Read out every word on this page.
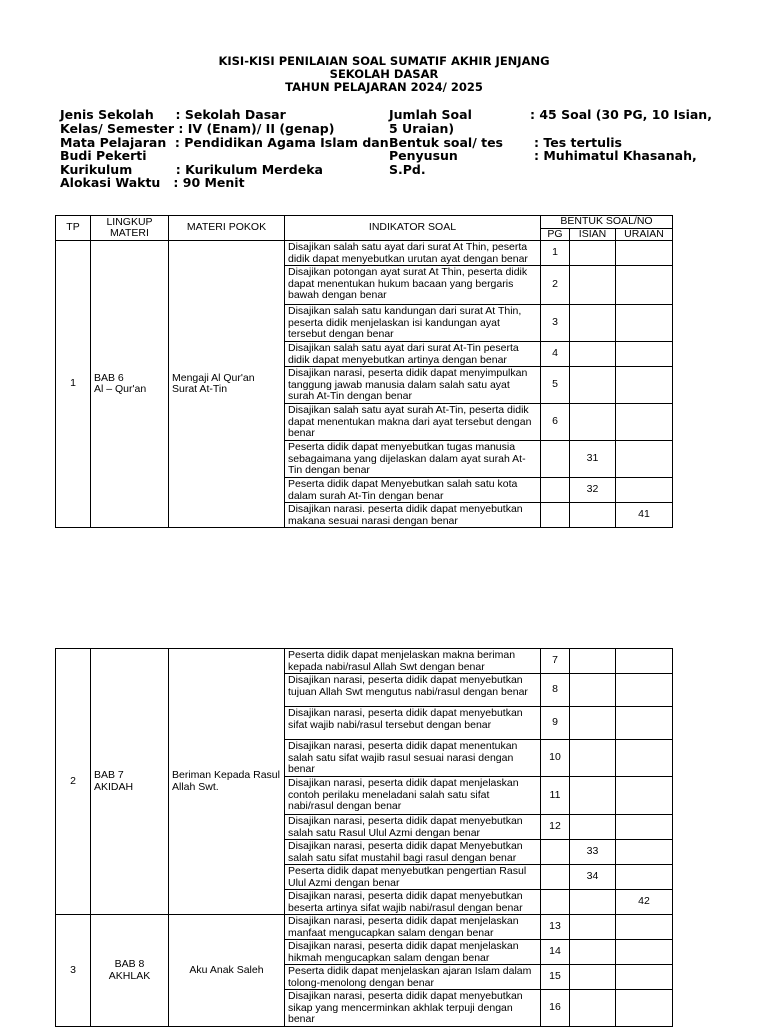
KISI-KISI PENILAIAN SOAL SUMATIF AKHIR JENJANG
SEKOLAH DASAR
TAHUN PELAJARAN 2024/ 2025
Jenis Sekolah     : Sekolah Dasar
Kelas/ Semester : IV (Enam)/ II (genap)
Mata Pelajaran  : Pendidikan Agama Islam dan
Budi Pekerti
Kurikulum          : Kurikulum Merdeka
Alokasi Waktu   : 90 Menit
Jumlah Soal	: 45 Soal (30 PG, 10 Isian,
5 Uraian)
Bentuk soal/ tes : Tes tertulis
Penyusun	: Muhimatul Khasanah,
S.Pd.
TP	LINGKUP MATERI	MATERI POKOK	INDIKATOR SOAL	BENTUK SOAL/NO		
				PG	ISIAN	URAIAN
1	BAB 6
Al – Qur'an	Mengaji Al Qur'an Surat At-Tin	Disajikan salah satu ayat dari surat At Thin, peserta didik dapat menyebutkan urutan ayat dengan benar	1		
			Disajikan potongan ayat surat At Thin, peserta didik dapat menentukan hukum bacaan yang bergaris bawah dengan benar	2		
			Disajikan salah satu kandungan dari surat At Thin, peserta didik menjelaskan isi kandungan ayat tersebut dengan benar	3		
			Disajikan salah satu ayat dari surat At-Tin peserta didik dapat menyebutkan artinya dengan benar	4		
			Disajikan narasi, peserta didik dapat menyimpulkan tanggung jawab manusia dalam salah satu ayat surah At-Tin dengan benar	5		
			Disajikan salah satu ayat surah At-Tin, peserta didik dapat menentukan makna dari ayat tersebut dengan benar	6		
			Peserta didik dapat menyebutkan tugas manusia sebagaimana yang dijelaskan dalam ayat surah At-Tin dengan benar		31	
			Peserta didik dapat Menyebutkan salah satu kota dalam surah At-Tin dengan benar		32	
			Disajikan narasi. peserta didik dapat menyebutkan makana sesuai narasi dengan benar			41
2	BAB 7
AKIDAH	Beriman Kepada Rasul Allah Swt.	Peserta didik dapat menjelaskan makna beriman kepada nabi/rasul Allah Swt dengan benar	7		
			Disajikan narasi, peserta didik dapat menyebutkan tujuan Allah Swt mengutus nabi/rasul dengan benar	8		
			Disajikan narasi, peserta didik dapat menyebutkan sifat wajib nabi/rasul tersebut dengan benar	9		
			Disajikan narasi, peserta didik dapat menentukan salah satu sifat wajib rasul sesuai narasi dengan benar	10		
			Disajikan narasi, peserta didik dapat menjelaskan contoh perilaku meneladani salah satu sifat nabi/rasul dengan benar	11		
			Disajikan narasi, peserta didik dapat menyebutkan salah satu Rasul Ulul Azmi dengan benar	12		
			Disajikan narasi, peserta didik dapat Menyebutkan salah satu sifat mustahil bagi rasul dengan benar		33	
			Peserta didik dapat menyebutkan pengertian Rasul Ulul Azmi dengan benar		34	
			Disajikan narasi, peserta didik dapat menyebutkan beserta artinya sifat wajib nabi/rasul dengan benar			42
3	BAB 8
AKHLAK	Aku Anak Saleh	Disajikan narasi, peserta didik dapat menjelaskan manfaat mengucapkan salam dengan benar	13		
			Disajikan narasi, peserta didik dapat menjelaskan hikmah mengucapkan salam dengan benar	14		
			Peserta didik dapat menjelaskan ajaran Islam dalam tolong-menolong dengan benar	15		
			Disajikan narasi, peserta didik dapat menyebutkan sikap yang mencerminkan akhlak terpuji dengan benar	16		
